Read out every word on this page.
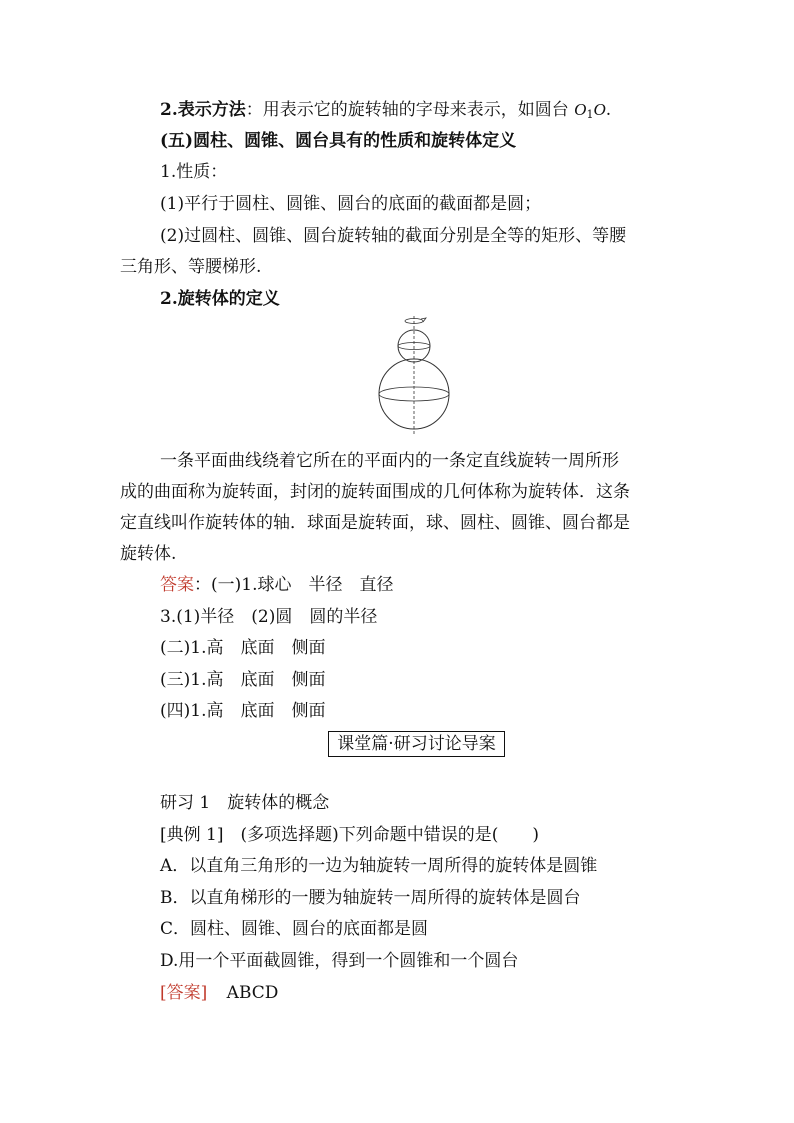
2.表示方法：用表示它的旋转轴的字母来表示，如圆台 $O_1O$.
(五)圆柱、圆锥、圆台具有的性质和旋转体定义
1.性质：
(1)平行于圆柱、圆锥、圆台的底面的截面都是圆；
(2)过圆柱、圆锥、圆台旋转轴的截面分别是全等的矩形、等腰
三角形、等腰梯形.
2.旋转体的定义
一条平面曲线绕着它所在的平面内的一条定直线旋转一周所形
成的曲面称为旋转面，封闭的旋转面围成的几何体称为旋转体．这条
定直线叫作旋转体的轴．球面是旋转面，球、圆柱、圆锥、圆台都是
旋转体.
答案：(一)1.球心　半径　直径
3.(1)半径　(2)圆　圆的半径
(二)1.高　底面　侧面
(三)1.高　底面　侧面
(四)1.高　底面　侧面
课堂篇·研习讨论导案
研习 1　旋转体的概念
[典例 1]　(多项选择题)下列命题中错误的是(　　)
A．以直角三角形的一边为轴旋转一周所得的旋转体是圆锥
B．以直角梯形的一腰为轴旋转一周所得的旋转体是圆台
C．圆柱、圆锥、圆台的底面都是圆
D.用一个平面截圆锥，得到一个圆锥和一个圆台
[答案] ABCD
